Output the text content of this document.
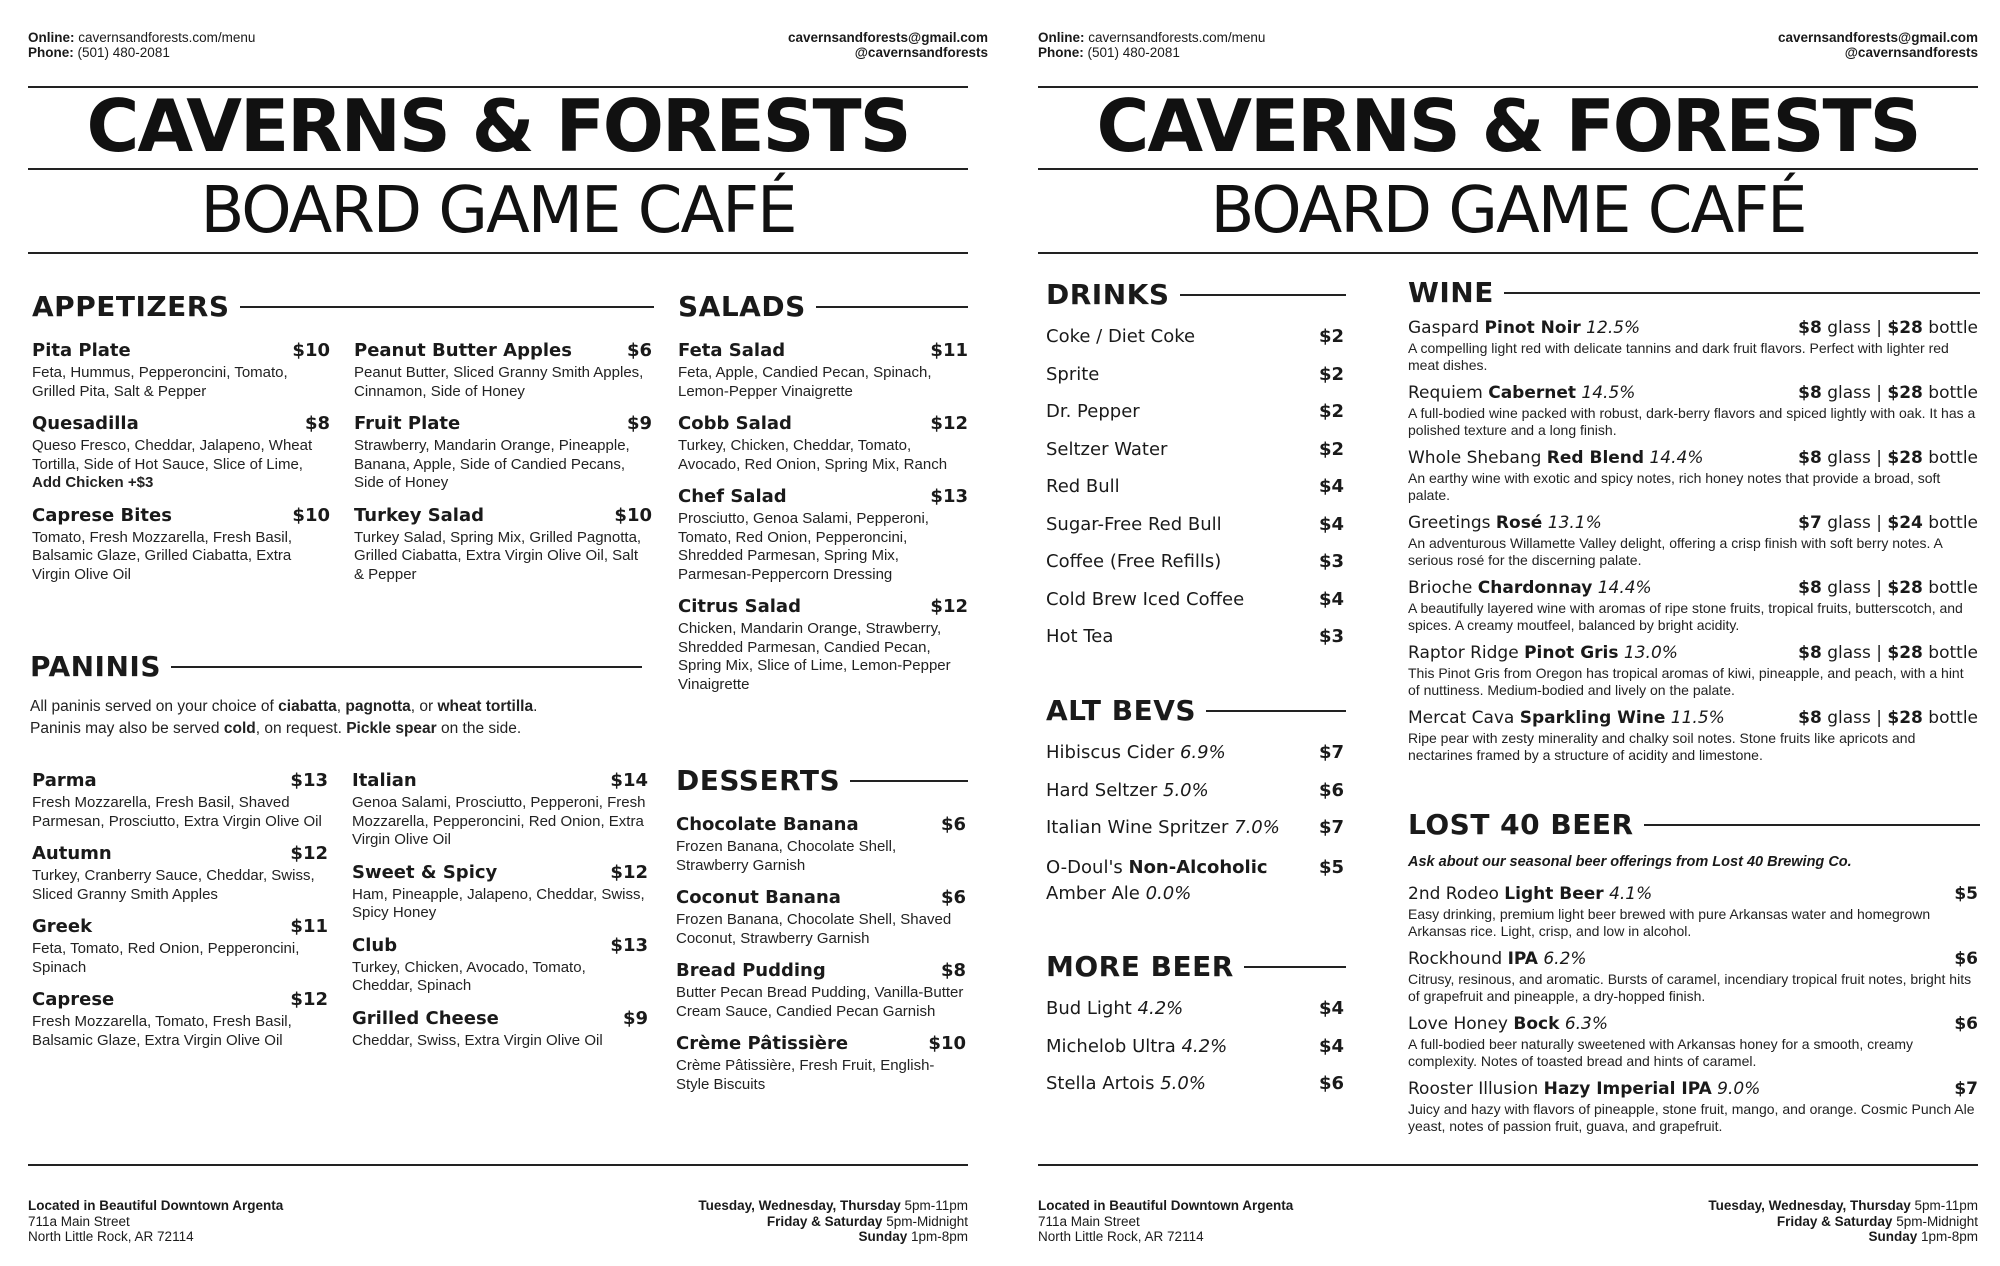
Online: cavernsandforests.com/menu
Phone: (501) 480-2081
cavernsandforests@gmail.com
@cavernsandforests
CAVERNS & FORESTS
BOARD GAME CAFÉ
APPETIZERS
Pita Plate	$10
Feta, Hummus, Pepperoncini, Tomato, Grilled Pita, Salt & Pepper
Quesadilla	$8
Queso Fresco, Cheddar, Jalapeno, Wheat Tortilla, Side of Hot Sauce, Slice of Lime, Add Chicken +$3
Caprese Bites	$10
Tomato, Fresh Mozzarella, Fresh Basil, Balsamic Glaze, Grilled Ciabatta, Extra Virgin Olive Oil
Peanut Butter Apples	$6
Peanut Butter, Sliced Granny Smith Apples, Cinnamon, Side of Honey
Fruit Plate	$9
Strawberry, Mandarin Orange, Pineapple, Banana, Apple, Side of Candied Pecans, Side of Honey
Turkey Salad	$10
Turkey Salad, Spring Mix, Grilled Pagnotta, Grilled Ciabatta, Extra Virgin Olive Oil, Salt & Pepper
SALADS
Feta Salad	$11
Feta, Apple, Candied Pecan, Spinach, Lemon-Pepper Vinaigrette
Cobb Salad	$12
Turkey, Chicken, Cheddar, Tomato, Avocado, Red Onion, Spring Mix, Ranch
Chef Salad	$13
Prosciutto, Genoa Salami, Pepperoni, Tomato, Red Onion, Pepperoncini, Shredded Parmesan, Spring Mix, Parmesan-Peppercorn Dressing
Citrus Salad	$12
Chicken, Mandarin Orange, Strawberry, Shredded Parmesan, Candied Pecan, Spring Mix, Slice of Lime, Lemon-Pepper Vinaigrette
PANINIS
All paninis served on your choice of ciabatta, pagnotta, or wheat tortilla.
Paninis may also be served cold, on request. Pickle spear on the side.
Parma	$13
Fresh Mozzarella, Fresh Basil, Shaved Parmesan, Prosciutto, Extra Virgin Olive Oil
Autumn	$12
Turkey, Cranberry Sauce, Cheddar, Swiss, Sliced Granny Smith Apples
Greek	$11
Feta, Tomato, Red Onion, Pepperoncini, Spinach
Caprese	$12
Fresh Mozzarella, Tomato, Fresh Basil, Balsamic Glaze, Extra Virgin Olive Oil
Italian	$14
Genoa Salami, Prosciutto, Pepperoni, Fresh Mozzarella, Pepperoncini, Red Onion, Extra Virgin Olive Oil
Sweet & Spicy	$12
Ham, Pineapple, Jalapeno, Cheddar, Swiss, Spicy Honey
Club	$13
Turkey, Chicken, Avocado, Tomato, Cheddar, Spinach
Grilled Cheese	$9
Cheddar, Swiss, Extra Virgin Olive Oil
DESSERTS
Chocolate Banana	$6
Frozen Banana, Chocolate Shell, Strawberry Garnish
Coconut Banana	$6
Frozen Banana, Chocolate Shell, Shaved Coconut, Strawberry Garnish
Bread Pudding	$8
Butter Pecan Bread Pudding, Vanilla-Butter Cream Sauce, Candied Pecan Garnish
Crème Pâtissière	$10
Crème Pâtissière, Fresh Fruit, English-Style Biscuits
Located in Beautiful Downtown Argenta
711a Main Street
North Little Rock, AR 72114
Tuesday, Wednesday, Thursday 5pm-11pm
Friday & Saturday 5pm-Midnight
Sunday 1pm-8pm
Online: cavernsandforests.com/menu
Phone: (501) 480-2081
cavernsandforests@gmail.com
@cavernsandforests
CAVERNS & FORESTS
BOARD GAME CAFÉ
DRINKS
Coke / Diet Coke	$2
Sprite	$2
Dr. Pepper	$2
Seltzer Water	$2
Red Bull	$4
Sugar-Free Red Bull	$4
Coffee (Free Refills)	$3
Cold Brew Iced Coffee	$4
Hot Tea	$3
ALT BEVS
Hibiscus Cider 6.9%	$7
Hard Seltzer 5.0%	$6
Italian Wine Spritzer 7.0% $7
O-Doul's Non-Alcoholic
Amber Ale 0.0%
$5
MORE BEER
Bud Light 4.2%	$4
Michelob Ultra 4.2%	$4
Stella Artois 5.0%	$6
WINE
Gaspard Pinot Noir 12.5%	$8 glass | $28 bottle
A compelling light red with delicate tannins and dark fruit flavors. Perfect with lighter red meat dishes.
Requiem Cabernet 14.5%	$8 glass | $28 bottle
A full-bodied wine packed with robust, dark-berry flavors and spiced lightly with oak. It has a polished texture and a long finish.
Whole Shebang Red Blend 14.4%	$8 glass | $28 bottle
An earthy wine with exotic and spicy notes, rich honey notes that provide a broad, soft palate.
Greetings Rosé 13.1%	$7 glass | $24 bottle
An adventurous Willamette Valley delight, offering a crisp finish with soft berry notes. A serious rosé for the discerning palate.
Brioche Chardonnay 14.4%	$8 glass | $28 bottle
A beautifully layered wine with aromas of ripe stone fruits, tropical fruits, butterscotch, and spices. A creamy moutfeel, balanced by bright acidity.
Raptor Ridge Pinot Gris 13.0%	$8 glass | $28 bottle
This Pinot Gris from Oregon has tropical aromas of kiwi, pineapple, and peach, with a hint of nuttiness. Medium-bodied and lively on the palate.
Mercat Cava Sparkling Wine 11.5%	$8 glass | $28 bottle
Ripe pear with zesty minerality and chalky soil notes. Stone fruits like apricots and nectarines framed by a structure of acidity and limestone.
LOST 40 BEER
Ask about our seasonal beer offerings from Lost 40 Brewing Co.
2nd Rodeo Light Beer 4.1%	$5
Easy drinking, premium light beer brewed with pure Arkansas water and homegrown Arkansas rice. Light, crisp, and low in alcohol.
Rockhound IPA 6.2%	$6
Citrusy, resinous, and aromatic. Bursts of caramel, incendiary tropical fruit notes, bright hits of grapefruit and pineapple, a dry-hopped finish.
Love Honey Bock 6.3%	$6
A full-bodied beer naturally sweetened with Arkansas honey for a smooth, creamy complexity. Notes of toasted bread and hints of caramel.
Rooster Illusion Hazy Imperial IPA 9.0%	$7
Juicy and hazy with flavors of pineapple, stone fruit, mango, and orange. Cosmic Punch Ale yeast, notes of passion fruit, guava, and grapefruit.
Located in Beautiful Downtown Argenta
711a Main Street
North Little Rock, AR 72114
Tuesday, Wednesday, Thursday 5pm-11pm
Friday & Saturday 5pm-Midnight
Sunday 1pm-8pm
